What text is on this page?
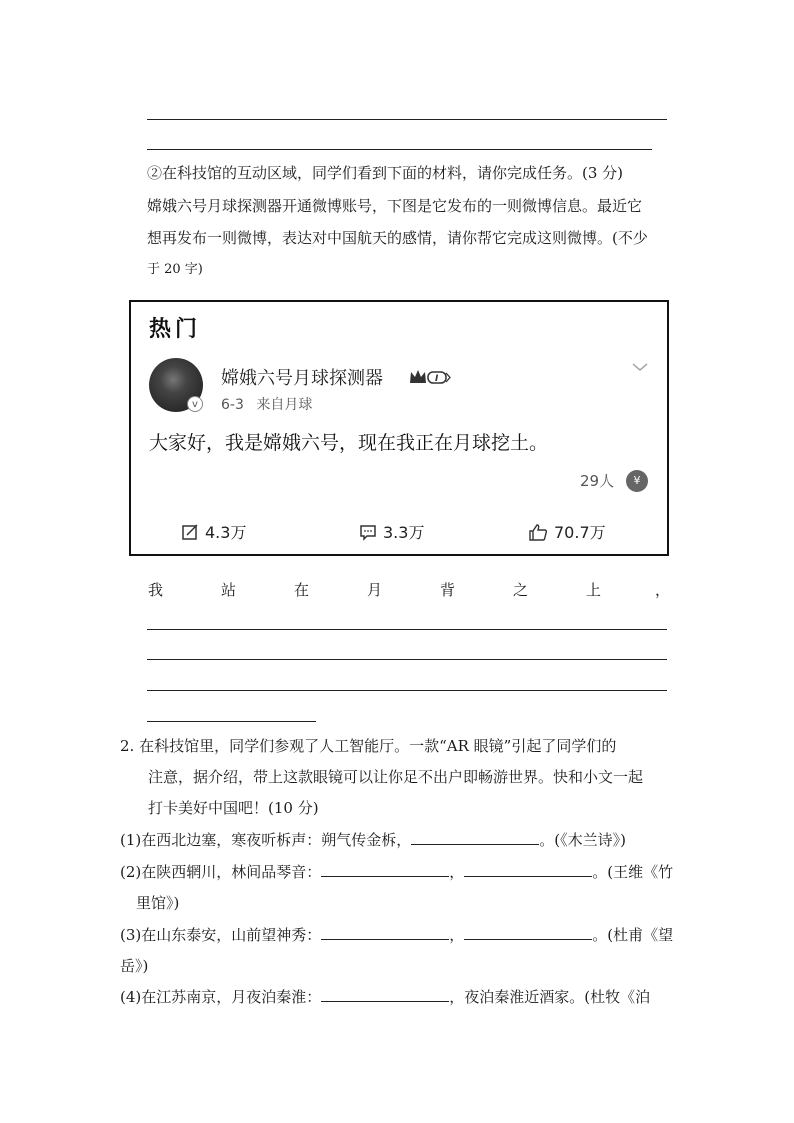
②在科技馆的互动区域，同学们看到下面的材料，请你完成任务。(3 分)
嫦娥六号月球探测器开通微博账号，下图是它发布的一则微博信息。最近它
想再发布一则微博，表达对中国航天的感情，请你帮它完成这则微博。(不少
于 20 字)
热门
v
嫦娥六号月球探测器	I
6-3 来自月球
大家好，我是嫦娥六号，现在我正在月球挖土。
29人	¥
4.3万	3.3万	70.7万
我	站	在	月	背	之	上	，
2. 在科技馆里，同学们参观了人工智能厅。一款“AR 眼镜”引起了同学们的
注意，据介绍，带上这款眼镜可以让你足不出户即畅游世界。快和小文一起
打卡美好中国吧！(10 分)
(1)在西北边塞，寒夜听柝声：朔气传金柝，	。(《木兰诗》)
(2)在陕西辋川，林间品琴音：	，	。(王维《竹
里馆》)
(3)在山东泰安，山前望神秀：	，	。(杜甫《望
岳》)
(4)在江苏南京，月夜泊秦淮：	，夜泊秦淮近酒家。(杜牧《泊
